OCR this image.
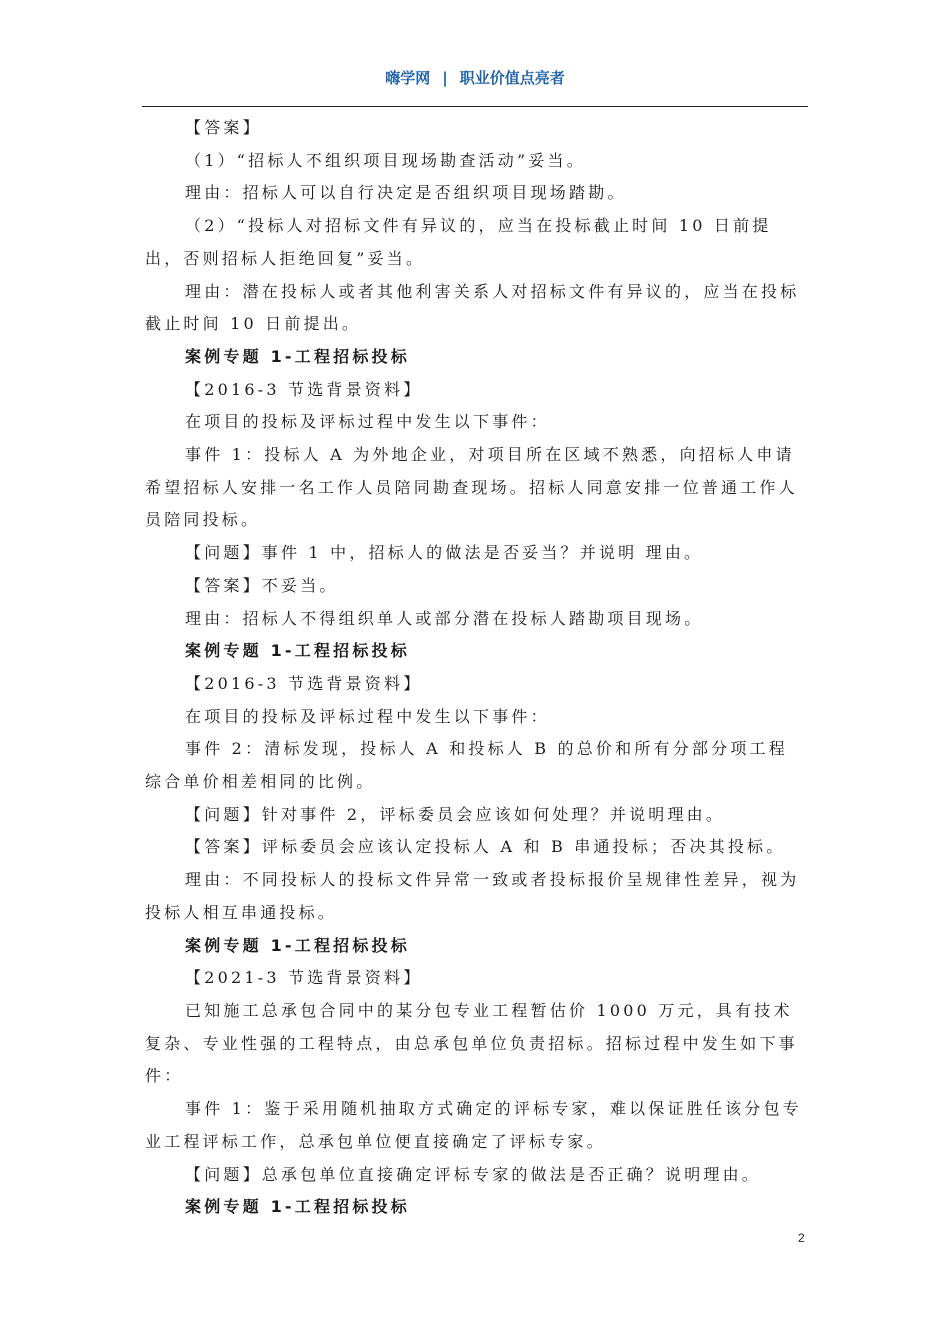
嗨学网 | 职业价值点亮者

【答案】

（1）“招标人不组织项目现场勘查活动”妥当。

理由：招标人可以自行决定是否组织项目现场踏勘。

（2）“投标人对招标文件有异议的，应当在投标截止时间 10 日前提出，否则招标人拒绝回复”妥当。

理由：潜在投标人或者其他利害关系人对招标文件有异议的，应当在投标截止时间 10 日前提出。

案例专题 1-工程招标投标

【2016-3 节选背景资料】

在项目的投标及评标过程中发生以下事件：

事件 1：投标人 A 为外地企业，对项目所在区域不熟悉，向招标人申请希望招标人安排一名工作人员陪同勘查现场。招标人同意安排一位普通工作人员陪同投标。

【问题】事件 1 中，招标人的做法是否妥当？并说明 理由。

【答案】不妥当。

理由：招标人不得组织单人或部分潜在投标人踏勘项目现场。

案例专题 1-工程招标投标

【2016-3 节选背景资料】

在项目的投标及评标过程中发生以下事件：

事件 2：清标发现，投标人 A 和投标人 B 的总价和所有分部分项工程综合单价相差相同的比例。

【问题】针对事件 2，评标委员会应该如何处理？并说明理由。

【答案】评标委员会应该认定投标人 A 和 B 串通投标；否决其投标。

理由：不同投标人的投标文件异常一致或者投标报价呈规律性差异，视为投标人相互串通投标。

案例专题 1-工程招标投标

【2021-3 节选背景资料】

已知施工总承包合同中的某分包专业工程暂估价 1000 万元，具有技术复杂、专业性强的工程特点，由总承包单位负责招标。招标过程中发生如下事件：

事件 1：鉴于采用随机抽取方式确定的评标专家，难以保证胜任该分包专业工程评标工作，总承包单位便直接确定了评标专家。

【问题】总承包单位直接确定评标专家的做法是否正确？说明理由。

案例专题 1-工程招标投标

2
